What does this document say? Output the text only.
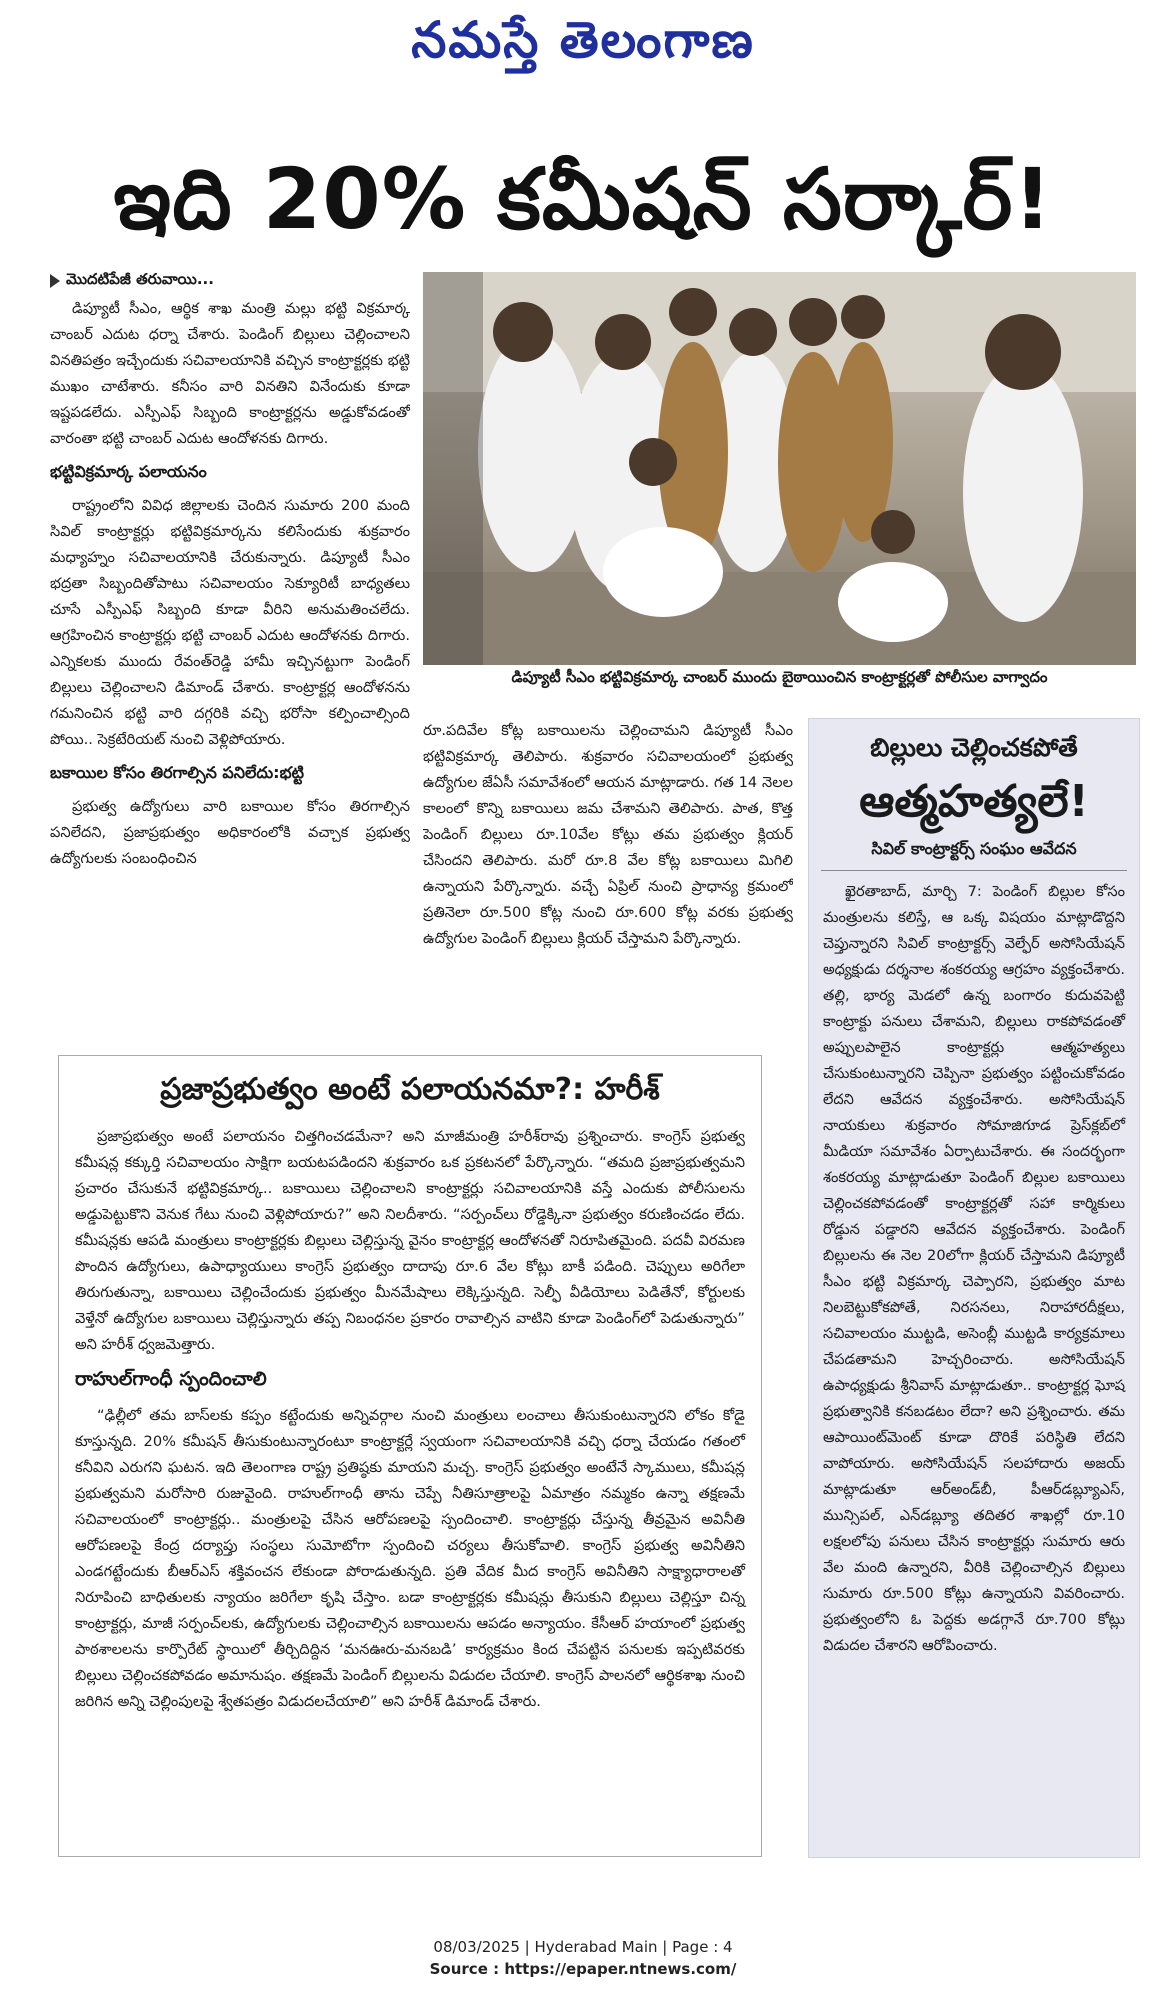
నమస్తే తెలంగాణ
ఇది 20% కమీషన్ సర్కార్!
మొదటిపేజీ తరువాయి...

డిప్యూటీ సీఎం, ఆర్థిక శాఖ మంత్రి మల్లు భట్టి విక్రమార్క చాంబర్ ఎదుట ధర్నా చేశారు. పెండింగ్ బిల్లులు చెల్లించాలని వినతిపత్రం ఇచ్చేందుకు సచివాలయానికి వచ్చిన కాంట్రాక్టర్లకు భట్టి ముఖం చాటేశారు. కనీసం వారి వినతిని వినేందుకు కూడా ఇష్టపడలేదు. ఎస్పీఎఫ్ సిబ్బంది కాంట్రాక్టర్లను అడ్డుకోవడంతో వారంతా భట్టి చాంబర్ ఎదుట ఆందోళనకు దిగారు.

భట్టివిక్రమార్క పలాయనం

రాష్ట్రంలోని వివిధ జిల్లాలకు చెందిన సుమారు 200 మంది సివిల్ కాంట్రాక్టర్లు భట్టివిక్రమార్కను కలిసేందుకు శుక్రవారం మధ్యాహ్నం సచివాలయానికి చేరుకున్నారు. డిప్యూటీ సీఎం భద్రతా సిబ్బందితోపాటు సచివాలయం సెక్యూరిటీ బాధ్యతలు చూసే ఎస్పీఎఫ్ సిబ్బంది కూడా వీరిని అనుమతించలేదు. ఆగ్రహించిన కాంట్రాక్టర్లు భట్టి చాంబర్ ఎదుట ఆందోళనకు దిగారు. ఎన్నికలకు ముందు రేవంత్‌రెడ్డి హామీ ఇచ్చినట్టుగా పెండింగ్ బిల్లులు చెల్లించాలని డిమాండ్ చేశారు. కాంట్రాక్టర్ల ఆందోళనను గమనించిన భట్టి వారి దగ్గరికి వచ్చి భరోసా కల్పించాల్సింది పోయి.. సెక్రటేరియట్ నుంచి వెళ్లిపోయారు.

బకాయిల కోసం తిరగాల్సిన పనిలేదు:భట్టి

ప్రభుత్వ ఉద్యోగులు వారి బకాయిల కోసం తిరగాల్సిన పనిలేదని, ప్రజాప్రభుత్వం అధికారంలోకి వచ్చాక ప్రభుత్వ ఉద్యోగులకు సంబంధించిన

డిప్యూటీ సీఎం భట్టివిక్రమార్క చాంబర్ ముందు బైఠాయించిన కాంట్రాక్టర్లతో పోలీసుల వాగ్వాదం

రూ.పదివేల కోట్ల బకాయిలను చెల్లించామని డిప్యూటీ సీఎం భట్టివిక్రమార్క తెలిపారు. శుక్రవారం సచివాలయంలో ప్రభుత్వ ఉద్యోగుల జేఏసీ సమావేశంలో ఆయన మాట్లాడారు. గత 14 నెలల కాలంలో కొన్ని బకాయిలు జమ చేశామని తెలిపారు. పాత, కొత్త పెండింగ్ బిల్లులు రూ.10వేల కోట్లు తమ ప్రభుత్వం క్లియర్ చేసిందని తెలిపారు. మరో రూ.8 వేల కోట్ల బకాయిలు మిగిలి ఉన్నాయని పేర్కొన్నారు. వచ్చే ఏప్రిల్ నుంచి ప్రాధాన్య క్రమంలో ప్రతినెలా రూ.500 కోట్ల నుంచి రూ.600 కోట్ల వరకు ప్రభుత్వ ఉద్యోగుల పెండింగ్ బిల్లులు క్లియర్ చేస్తామని పేర్కొన్నారు.

బిల్లులు చెల్లించకపోతే
ఆత్మహత్యలే!
సివిల్ కాంట్రాక్టర్స్ సంఘం ఆవేదన

ఖైరతాబాద్, మార్చి 7: పెండింగ్ బిల్లుల కోసం మంత్రులను కలిస్తే, ఆ ఒక్క విషయం మాట్లాడొద్దని చెప్తున్నారని సివిల్ కాంట్రాక్టర్స్ వెల్ఫేర్ అసోసియేషన్ అధ్యక్షుడు దర్శనాల శంకరయ్య ఆగ్రహం వ్యక్తంచేశారు. తల్లి, భార్య మెడలో ఉన్న బంగారం కుదువపెట్టి కాంట్రాక్టు పనులు చేశామని, బిల్లులు రాకపోవడంతో అప్పులపాలైన కాంట్రాక్టర్లు ఆత్మహత్యలు చేసుకుంటున్నారని చెప్పినా ప్రభుత్వం పట్టించుకోవడం లేదని ఆవేదన వ్యక్తంచేశారు. అసోసియేషన్ నాయకులు శుక్రవారం సోమాజిగూడ ప్రెస్‌క్లబ్‌లో మీడియా సమావేశం ఏర్పాటుచేశారు. ఈ సందర్భంగా శంకరయ్య మాట్లాడుతూ పెండింగ్ బిల్లుల బకాయిలు చెల్లించకపోవడంతో కాంట్రాక్టర్లతో సహా కార్మికులు రోడ్డున పడ్డారని ఆవేదన వ్యక్తంచేశారు. పెండింగ్ బిల్లులను ఈ నెల 20లోగా క్లియర్ చేస్తామని డిప్యూటీ సీఎం భట్టి విక్రమార్క చెప్పారని, ప్రభుత్వం మాట నిలబెట్టుకోకపోతే, నిరసనలు, నిరాహారదీక్షలు, సచివాలయం ముట్టడి, అసెంబ్లీ ముట్టడి కార్యక్రమాలు చేపడతామని హెచ్చరించారు. అసోసియేషన్ ఉపాధ్యక్షుడు శ్రీనివాస్ మాట్లాడుతూ.. కాంట్రాక్టర్ల ఘోష ప్రభుత్వానికి కనబడటం లేదా? అని ప్రశ్నించారు. తమ ఆపాయింట్‌మెంట్ కూడా దొరికే పరిస్థితి లేదని వాపోయారు. అసోసియేషన్ సలహాదారు అజయ్ మాట్లాడుతూ ఆర్అండ్‌బీ, పీఆర్‌డబ్ల్యూఎస్, మున్సిపల్, ఎన్‌డబ్ల్యూ తదితర శాఖల్లో రూ.10 లక్షలలోపు పనులు చేసిన కాంట్రాక్టర్లు సుమారు ఆరు వేల మంది ఉన్నారని, వీరికి చెల్లించాల్సిన బిల్లులు సుమారు రూ.500 కోట్లు ఉన్నాయని వివరించారు. ప్రభుత్వంలోని ఓ పెద్దకు అడగ్గానే రూ.700 కోట్లు విడుదల చేశారని ఆరోపించారు.

ప్రజాప్రభుత్వం అంటే పలాయనమా?: హరీశ్

ప్రజాప్రభుత్వం అంటే పలాయనం చిత్తగించడమేనా? అని మాజీమంత్రి హరీశ్‌రావు ప్రశ్నించారు. కాంగ్రెస్ ప్రభుత్వ కమీషన్ల కక్కుర్తి సచివాలయం సాక్షిగా బయటపడిందని శుక్రవారం ఒక ప్రకటనలో పేర్కొన్నారు. “తమది ప్రజాప్రభుత్వమని ప్రచారం చేసుకునే భట్టివిక్రమార్క.. బకాయిలు చెల్లించాలని కాంట్రాక్టర్లు సచివాలయానికి వస్తే ఎందుకు పోలీసులను అడ్డుపెట్టుకొని వెనుక గేటు నుంచి వెళ్లిపోయారు?” అని నిలదీశారు. “సర్పంచ్‌లు రోడ్డెక్కినా ప్రభుత్వం కరుణించడం లేదు. కమీషన్లకు ఆపడి మంత్రులు కాంట్రాక్టర్లకు బిల్లులు చెల్లిస్తున్న వైనం కాంట్రాక్టర్ల ఆందోళనతో నిరూపితమైంది. పదవీ విరమణ పొందిన ఉద్యోగులు, ఉపాధ్యాయులు కాంగ్రెస్ ప్రభుత్వం దాదాపు రూ.6 వేల కోట్లు బాకీ పడింది. చెప్పులు అరిగేలా తిరుగుతున్నా, బకాయిలు చెల్లించేందుకు ప్రభుత్వం మీనమేషాలు లెక్కిస్తున్నది. సెల్ఫీ వీడియోలు పెడితేనో, కోర్టులకు వెళ్తేనో ఉద్యోగుల బకాయిలు చెల్లిస్తున్నారు తప్ప నిబంధనల ప్రకారం రావాల్సిన వాటిని కూడా పెండింగ్‌లో పెడుతున్నారు” అని హరీశ్ ధ్వజమెత్తారు.

రాహుల్‌గాంధీ స్పందించాలి

“ఢిల్లీలో తమ బాస్‌లకు కప్పం కట్టేందుకు అన్నివర్గాల నుంచి మంత్రులు లంచాలు తీసుకుంటున్నారని లోకం కోడై కూస్తున్నది. 20% కమీషన్ తీసుకుంటున్నారంటూ కాంట్రాక్టర్లే స్వయంగా సచివాలయానికి వచ్చి ధర్నా చేయడం గతంలో కనీవిని ఎరుగని ఘటన. ఇది తెలంగాణ రాష్ట్ర ప్రతిష్ఠకు మాయని మచ్చ. కాంగ్రెస్ ప్రభుత్వం అంటేనే స్కాములు, కమీషన్ల ప్రభుత్వమని మరోసారి రుజువైంది. రాహుల్‌గాంధీ తాను చెప్పే నీతిసూత్రాలపై ఏమాత్రం నమ్మకం ఉన్నా తక్షణమే సచివాలయంలో కాంట్రాక్టర్లు.. మంత్రులపై చేసిన ఆరోపణలపై స్పందించాలి. కాంట్రాక్టర్లు చేస్తున్న తీవ్రమైన అవినీతి ఆరోపణలపై కేంద్ర దర్యాప్తు సంస్థలు సుమోటోగా స్పందించి చర్యలు తీసుకోవాలి. కాంగ్రెస్ ప్రభుత్వ అవినీతిని ఎండగట్టేందుకు బీఆర్ఎస్ శక్తివంచన లేకుండా పోరాడుతున్నది. ప్రతి వేదిక మీద కాంగ్రెస్ అవినీతిని సాక్ష్యాధారాలతో నిరూపించి బాధితులకు న్యాయం జరిగేలా కృషి చేస్తాం. బడా కాంట్రాక్టర్లకు కమీషన్లు తీసుకుని బిల్లులు చెల్లిస్తూ చిన్న కాంట్రాక్టర్లు, మాజీ సర్పంచ్‌లకు, ఉద్యోగులకు చెల్లించాల్సిన బకాయిలను ఆపడం అన్యాయం. కేసీఆర్ హయాంలో ప్రభుత్వ పాఠశాలలను కార్పొరేట్ స్థాయిలో తీర్చిదిద్దిన ‘మనఊరు-మనబడి’ కార్యక్రమం కింద చేపట్టిన పనులకు ఇప్పటివరకు బిల్లులు చెల్లించకపోవడం అమానుషం. తక్షణమే పెండింగ్ బిల్లులను విడుదల చేయాలి. కాంగ్రెస్ పాలనలో ఆర్థికశాఖ నుంచి జరిగిన అన్ని చెల్లింపులపై శ్వేతపత్రం విడుదలచేయాలి” అని హరీశ్ డిమాండ్ చేశారు.

08/03/2025 | Hyderabad Main | Page : 4
Source : https://epaper.ntnews.com/
